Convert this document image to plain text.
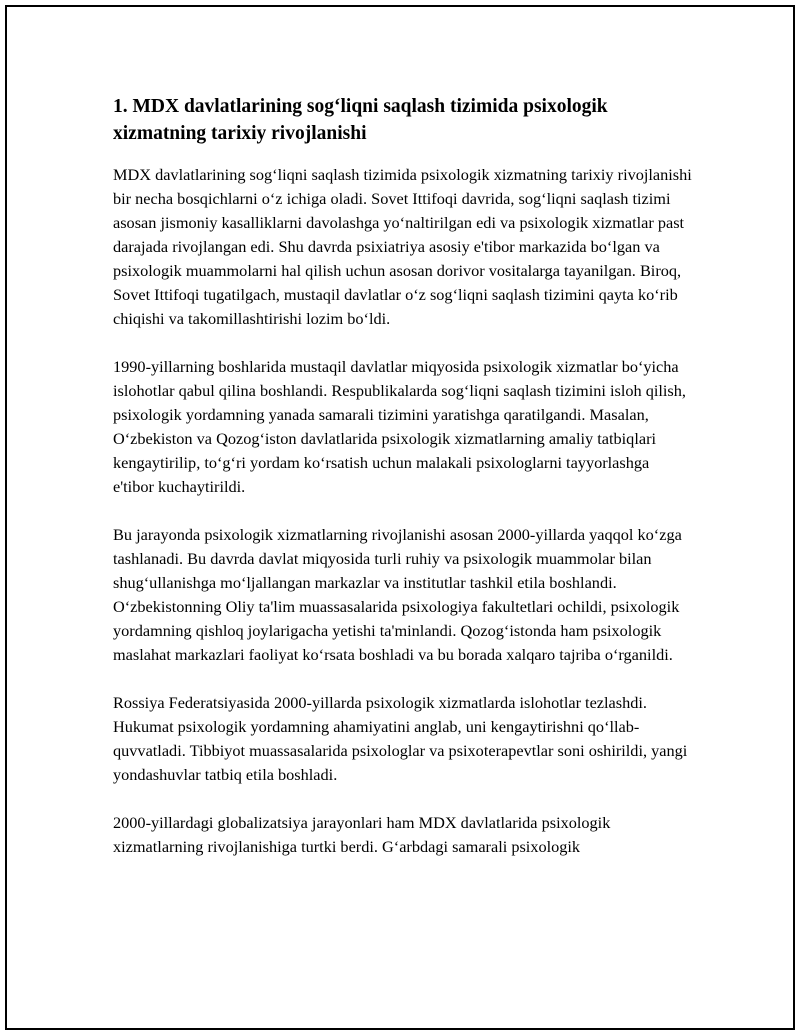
1. MDX davlatlarining sog‘liqni saqlash tizimida psixologik xizmatning tarixiy rivojlanishi

MDX davlatlarining sog‘liqni saqlash tizimida psixologik xizmatning tarixiy rivojlanishi bir necha bosqichlarni o‘z ichiga oladi. Sovet Ittifoqi davrida, sog‘liqni saqlash tizimi asosan jismoniy kasalliklarni davolashga yo‘naltirilgan edi va psixologik xizmatlar past darajada rivojlangan edi. Shu davrda psixiatriya asosiy e'tibor markazida bo‘lgan va psixologik muammolarni hal qilish uchun asosan dorivor vositalarga tayanilgan. Biroq, Sovet Ittifoqi tugatilgach, mustaqil davlatlar o‘z sog‘liqni saqlash tizimini qayta ko‘rib chiqishi va takomillashtirishi lozim bo‘ldi.

1990-yillarning boshlarida mustaqil davlatlar miqyosida psixologik xizmatlar bo‘yicha islohotlar qabul qilina boshlandi. Respublikalarda sog‘liqni saqlash tizimini isloh qilish, psixologik yordamning yanada samarali tizimini yaratishga qaratilgandi. Masalan, O‘zbekiston va Qozog‘iston davlatlarida psixologik xizmatlarning amaliy tatbiqlari kengaytirilip, to‘g‘ri yordam ko‘rsatish uchun malakali psixologlarni tayyorlashga e'tibor kuchaytirildi.

Bu jarayonda psixologik xizmatlarning rivojlanishi asosan 2000-yillarda yaqqol ko‘zga tashlanadi. Bu davrda davlat miqyosida turli ruhiy va psixologik muammolar bilan shug‘ullanishga mo‘ljallangan markazlar va institutlar tashkil etila boshlandi. O‘zbekistonning Oliy ta'lim muassasalarida psixologiya fakultetlari ochildi, psixologik yordamning qishloq joylarigacha yetishi ta'minlandi. Qozog‘istonda ham psixologik maslahat markazlari faoliyat ko‘rsata boshladi va bu borada xalqaro tajriba o‘rganildi.

Rossiya Federatsiyasida 2000-yillarda psixologik xizmatlarda islohotlar tezlashdi. Hukumat psixologik yordamning ahamiyatini anglab, uni kengaytirishni qo‘llab-quvvatladi. Tibbiyot muassasalarida psixologlar va psixoterapevtlar soni oshirildi, yangi yondashuvlar tatbiq etila boshladi.

2000-yillardagi globalizatsiya jarayonlari ham MDX davlatlarida psixologik xizmatlarning rivojlanishiga turtki berdi. G‘arbdagi samarali psixologik
